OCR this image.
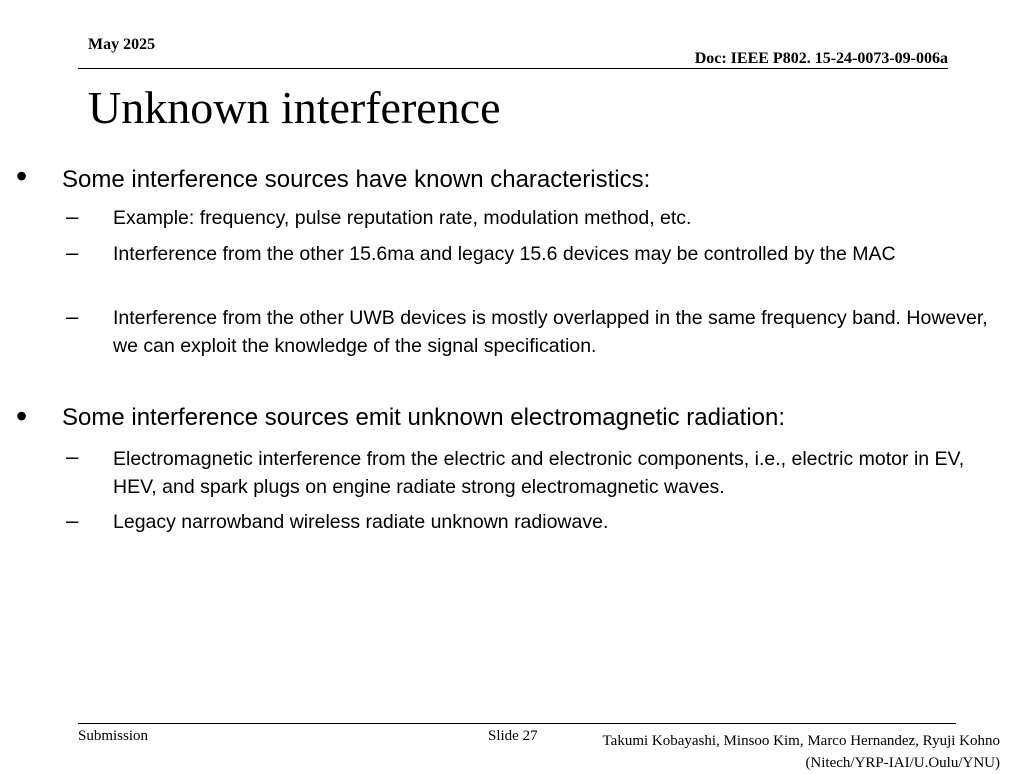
May 2025
Doc: IEEE P802. 15-24-0073-09-006a
Unknown interference
• Some interference sources have known characteristics:
– Example: frequency, pulse reputation rate, modulation method, etc.
– Interference from the other 15.6ma and legacy 15.6 devices may be controlled by the MAC
– Interference from the other UWB devices is mostly overlapped in the same frequency band. However, we can exploit the knowledge of the signal specification.
• Some interference sources emit unknown electromagnetic radiation:
– Electromagnetic interference from the electric and electronic components, i.e., electric motor in EV, HEV, and spark plugs on engine radiate strong electromagnetic waves.
– Legacy narrowband wireless radiate unknown radiowave.
Submission	Slide 27	Takumi Kobayashi, Minsoo Kim, Marco Hernandez, Ryuji Kohno (Nitech/YRP-IAI/U.Oulu/YNU)
